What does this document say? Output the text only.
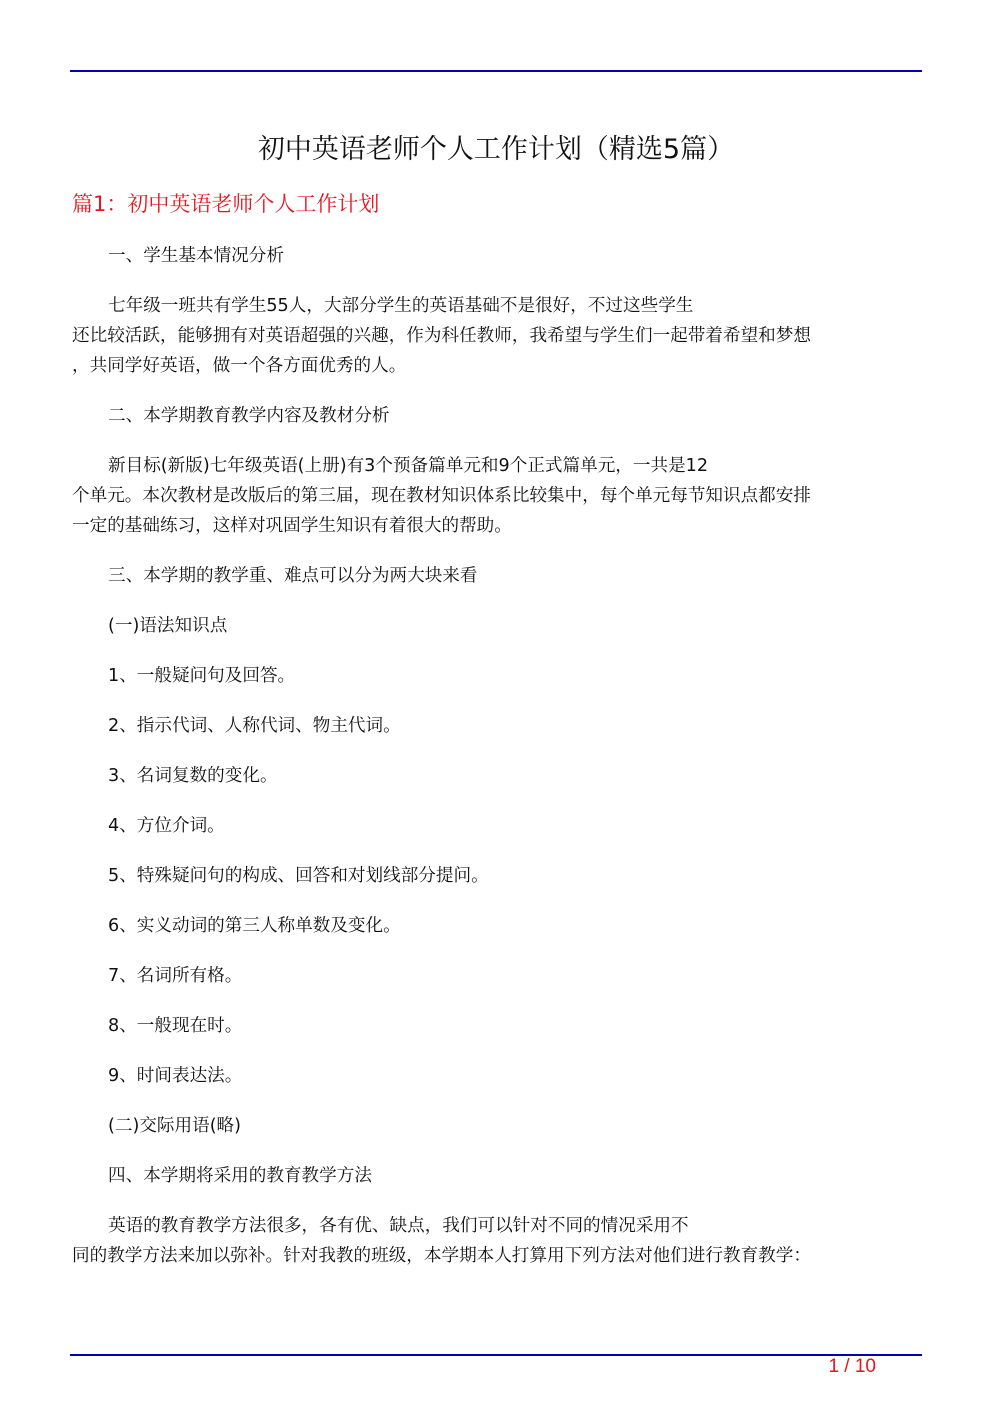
初中英语老师个人工作计划（精选5篇）
篇1：初中英语老师个人工作计划
一、学生基本情况分析
七年级一班共有学生55人，大部分学生的英语基础不是很好，不过这些学生
还比较活跃，能够拥有对英语超强的兴趣，作为科任教师，我希望与学生们一起带着希望和梦想
，共同学好英语，做一个各方面优秀的人。
二、本学期教育教学内容及教材分析
新目标(新版)七年级英语(上册)有3个预备篇单元和9个正式篇单元，一共是12
个单元。本次教材是改版后的第三届，现在教材知识体系比较集中，每个单元每节知识点都安排
一定的基础练习，这样对巩固学生知识有着很大的帮助。
三、本学期的教学重、难点可以分为两大块来看
(一)语法知识点
1、一般疑问句及回答。
2、指示代词、人称代词、物主代词。
3、名词复数的变化。
4、方位介词。
5、特殊疑问句的构成、回答和对划线部分提问。
6、实义动词的第三人称单数及变化。
7、名词所有格。
8、一般现在时。
9、时间表达法。
(二)交际用语(略)
四、本学期将采用的教育教学方法
英语的教育教学方法很多，各有优、缺点，我们可以针对不同的情况采用不
同的教学方法来加以弥补。针对我教的班级，本学期本人打算用下列方法对他们进行教育教学：
1 / 10
